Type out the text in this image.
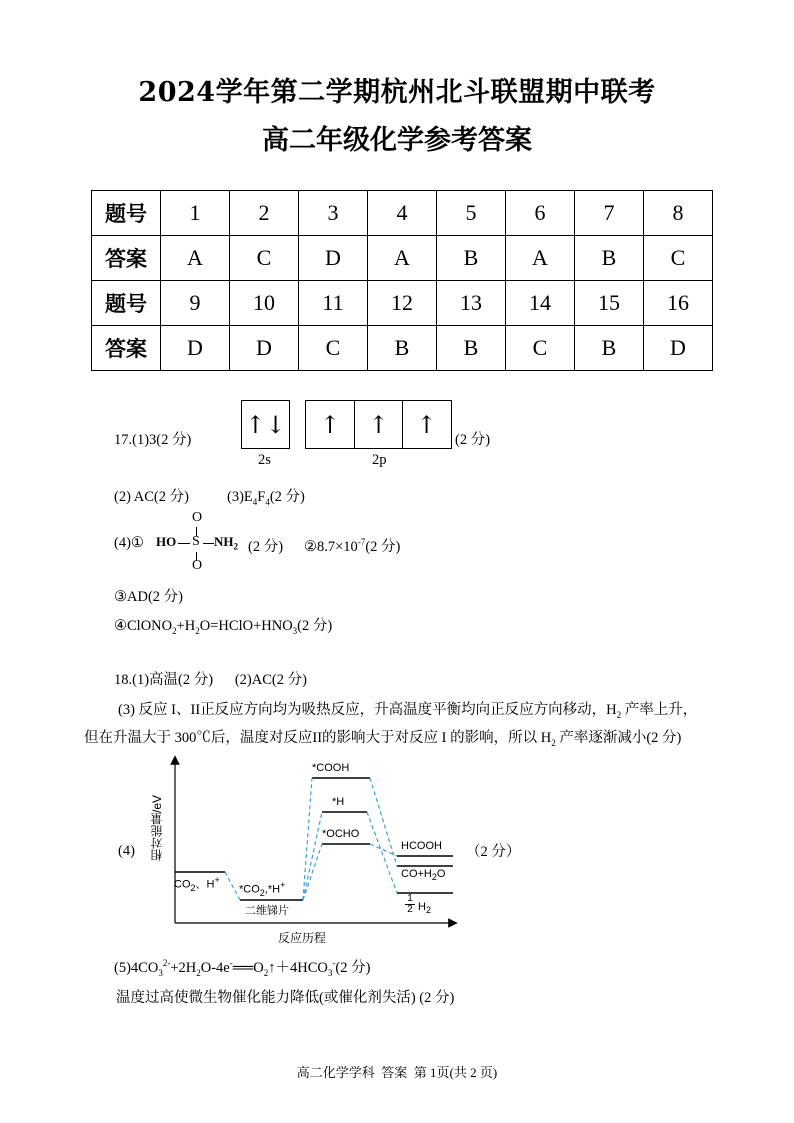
2024学年第二学期杭州北斗联盟期中联考
高二年级化学参考答案
题号	1	2	3	4	5	6	7	8
答案	A	C	D	A	B	A	B	C
题号	9	10	11	12	13	14	15	16
答案	D	D	C	B	B	C	B	D
17.(1)3(2 分)
↑↓	↑	↑	↑
2s	2p
(2 分)
(2) AC(2 分)	$(3)E_4F_4(2$ 分)
(4)①
O
HO S $NH_2$
O
(2 分) $②8.7\times 10^{-7}(2$ 分)
③AD(2 分)
$④ClONO_2+H_2O=HClO+HNO_3(2$ 分)
18.(1)高温(2 分)      (2)AC(2 分)
(3) 反应 I、II正反应方向均为吸热反应，升高温度平衡均向正反应方向移动，$H_2$ 产率上升，
但在升温大于 300℃后，温度对反应II的影响大于对反应 I 的影响，所以 $H_2$ 产率逐渐减小(2 分)
(4) 相对能量/eV
反应历程
$CO_2$、H+
$*CO_2,*H^+$
二维锑片
*COOH
*H
*OCHO
HCOOH
$CO+H_2O$
$\frac{1}{2} H_2$
（2 分）
$(5)4CO_3^{2-}+2H_2O-4e^-══O_2↑+4HCO_3^-(2$ 分)
温度过高使微生物催化能力降低(或催化剂失活) (2 分)
高二化学学科  答案  第 1页(共 2 页)
